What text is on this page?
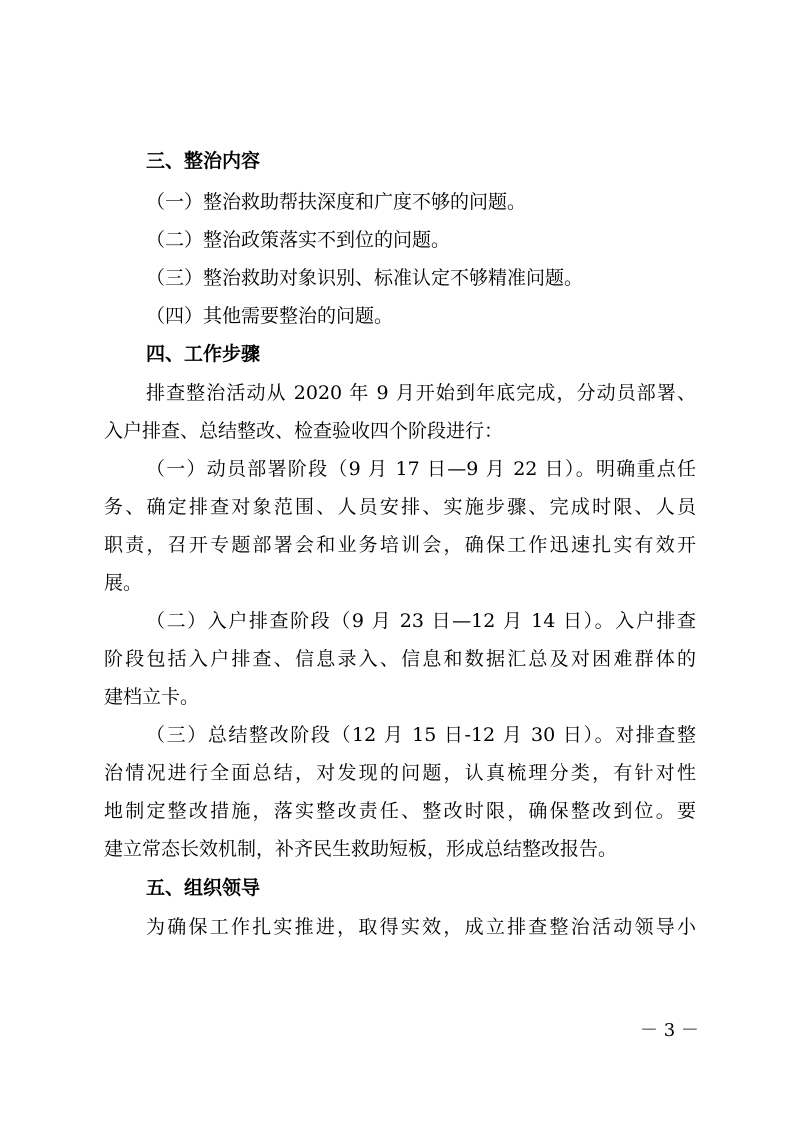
三、整治内容
（一）整治救助帮扶深度和广度不够的问题。
（二）整治政策落实不到位的问题。
（三）整治救助对象识别、标准认定不够精准问题。
（四）其他需要整治的问题。
四、工作步骤
排查整治活动从 2020 年 9 月开始到年底完成，分动员部署、
入户排查、总结整改、检查验收四个阶段进行：
（一）动员部署阶段（9 月 17 日—9 月 22 日）。明确重点任
务、确定排查对象范围、人员安排、实施步骤、完成时限、人员
职责，召开专题部署会和业务培训会，确保工作迅速扎实有效开
展。
（二）入户排查阶段（9 月 23 日—12 月 14 日）。入户排查
阶段包括入户排查、信息录入、信息和数据汇总及对困难群体的
建档立卡。
（三）总结整改阶段（12 月 15 日-12 月 30 日）。对排查整
治情况进行全面总结，对发现的问题，认真梳理分类，有针对性
地制定整改措施，落实整改责任、整改时限，确保整改到位。要
建立常态长效机制，补齐民生救助短板，形成总结整改报告。
五、组织领导
为确保工作扎实推进，取得实效，成立排查整治活动领导小
－ 3 －
